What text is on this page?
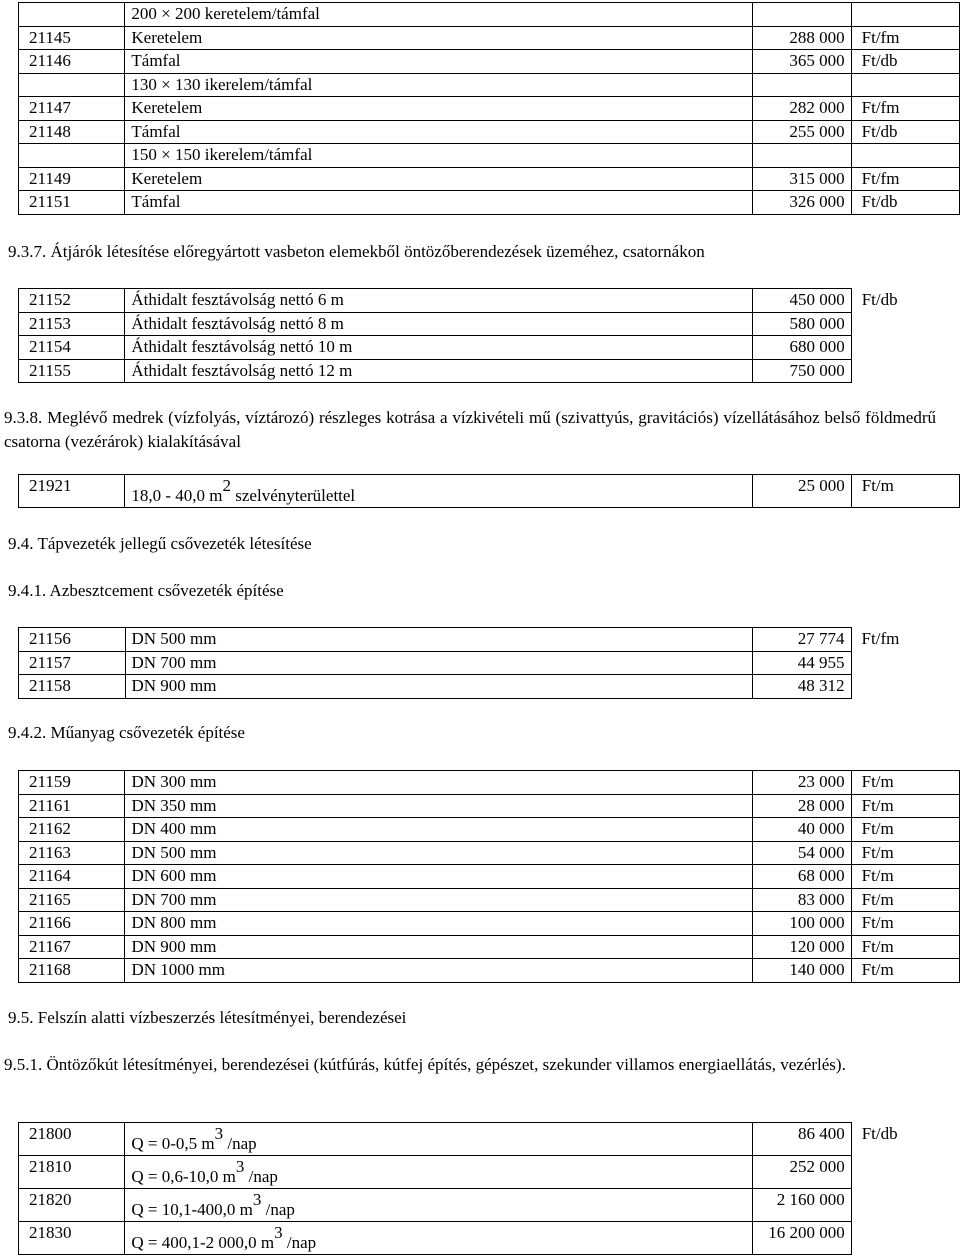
	200 × 200 keretelem/támfal		
21145	Keretelem	288 000	Ft/fm
21146	Támfal	365 000	Ft/db
	130 × 130 ikerelem/támfal		
21147	Keretelem	282 000	Ft/fm
21148	Támfal	255 000	Ft/db
	150 × 150 ikerelem/támfal		
21149	Keretelem	315 000	Ft/fm
21151	Támfal	326 000	Ft/db
9.3.7. Átjárók létesítése előregyártott vasbeton elemekből öntözőberendezések üzeméhez, csatornákon
21152	Áthidalt fesztávolság nettó 6 m	450 000	Ft/db
21153	Áthidalt fesztávolság nettó 8 m	580 000	
21154	Áthidalt fesztávolság nettó 10 m	680 000	
21155	Áthidalt fesztávolság nettó 12 m	750 000	
9.3.8. Meglévő medrek (vízfolyás, víztározó) részleges kotrása a vízkivételi mű (szivattyús, gravitációs) vízellátásához belső földmedrű csatorna (vezérárok) kialakításával
21921	18,0 - 40,0 m2 szelvényterülettel	25 000	Ft/m
9.4. Tápvezeték jellegű csővezeték létesítése
9.4.1. Azbesztcement csővezeték építése
21156	DN 500 mm	27 774	Ft/fm
21157	DN 700 mm	44 955	
21158	DN 900 mm	48 312	
9.4.2. Műanyag csővezeték építése
21159	DN 300 mm	23 000	Ft/m
21161	DN 350 mm	28 000	Ft/m
21162	DN 400 mm	40 000	Ft/m
21163	DN 500 mm	54 000	Ft/m
21164	DN 600 mm	68 000	Ft/m
21165	DN 700 mm	83 000	Ft/m
21166	DN 800 mm	100 000	Ft/m
21167	DN 900 mm	120 000	Ft/m
21168	DN 1000 mm	140 000	Ft/m
9.5. Felszín alatti vízbeszerzés létesítményei, berendezései
9.5.1. Öntözőkút létesítményei, berendezései (kútfúrás, kútfej építés, gépészet, szekunder villamos energiaellátás, vezérlés).
21800	Q = 0-0,5 m3 /nap	86 400	Ft/db
21810	Q = 0,6-10,0 m3 /nap	252 000	
21820	Q = 10,1-400,0 m3 /nap	2 160 000	
21830	Q = 400,1-2 000,0 m3 /nap	16 200 000	
